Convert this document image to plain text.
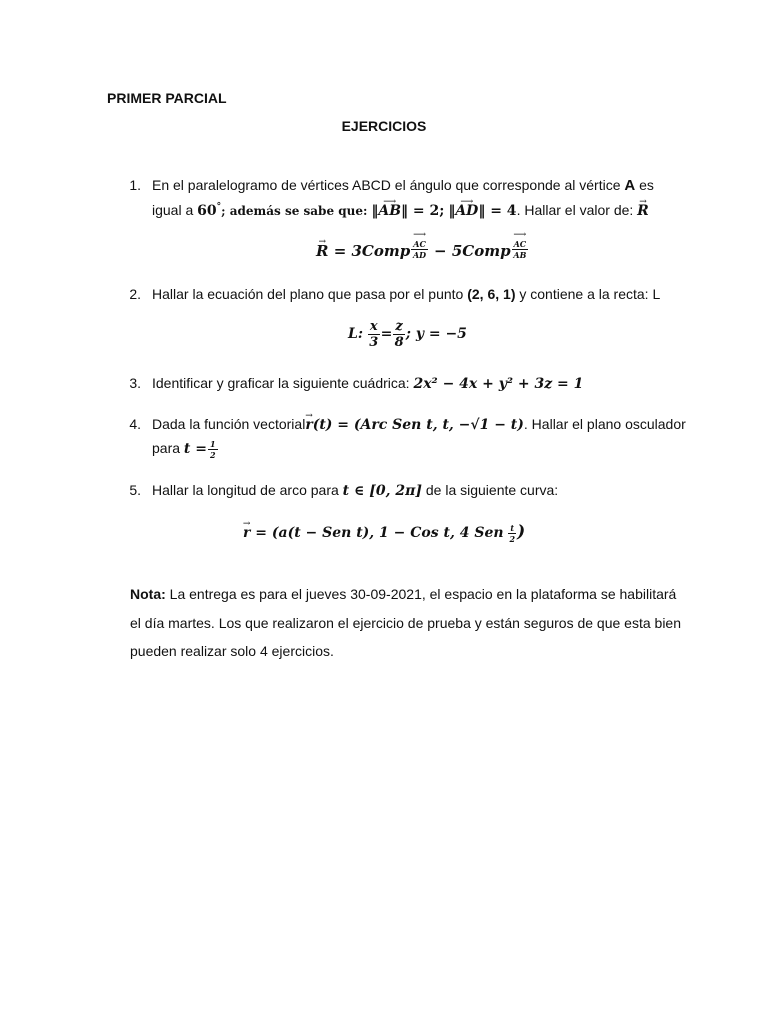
PRIMER PARCIAL
EJERCICIOS
1. En el paralelogramo de vértices ABCD el ángulo que corresponde al vértice A es
igual a 60°; además se sabe que: ‖⟶ AB‖ = 2; ‖⟶ AD‖ = 4. Hallar el valor de: → R
→ R = 3Comp ⟶ $\frac{AC}{AD}$ − 5Comp ⟶ $\frac{AC}{AB}$
2. Hallar la ecuación del plano que pasa por el punto (2, 6, 1) y contiene a la recta: L
L: $\frac{x}{3} = \frac{z}{8}$ ; y = −5
3. Identificar y graficar la siguiente cuádrica: 2x² − 4x + y² + 3z = 1
4. Dada la función vectorial→ r(t) = (Arc Sen t, t, −√1 − t). Hallar el plano osculador
para $t = \frac{1}{2}$
5. Hallar la longitud de arco para t ∈ [0, 2π] de la siguiente curva:
→ r = (a(t − Sen t), 1 − Cos t, 4 Sen $\frac{t}{2}$ )
Nota: La entrega es para el jueves 30-09-2021, el espacio en la plataforma se habilitará el día martes. Los que realizaron el ejercicio de prueba y están seguros de que esta bien pueden realizar solo 4 ejercicios.
